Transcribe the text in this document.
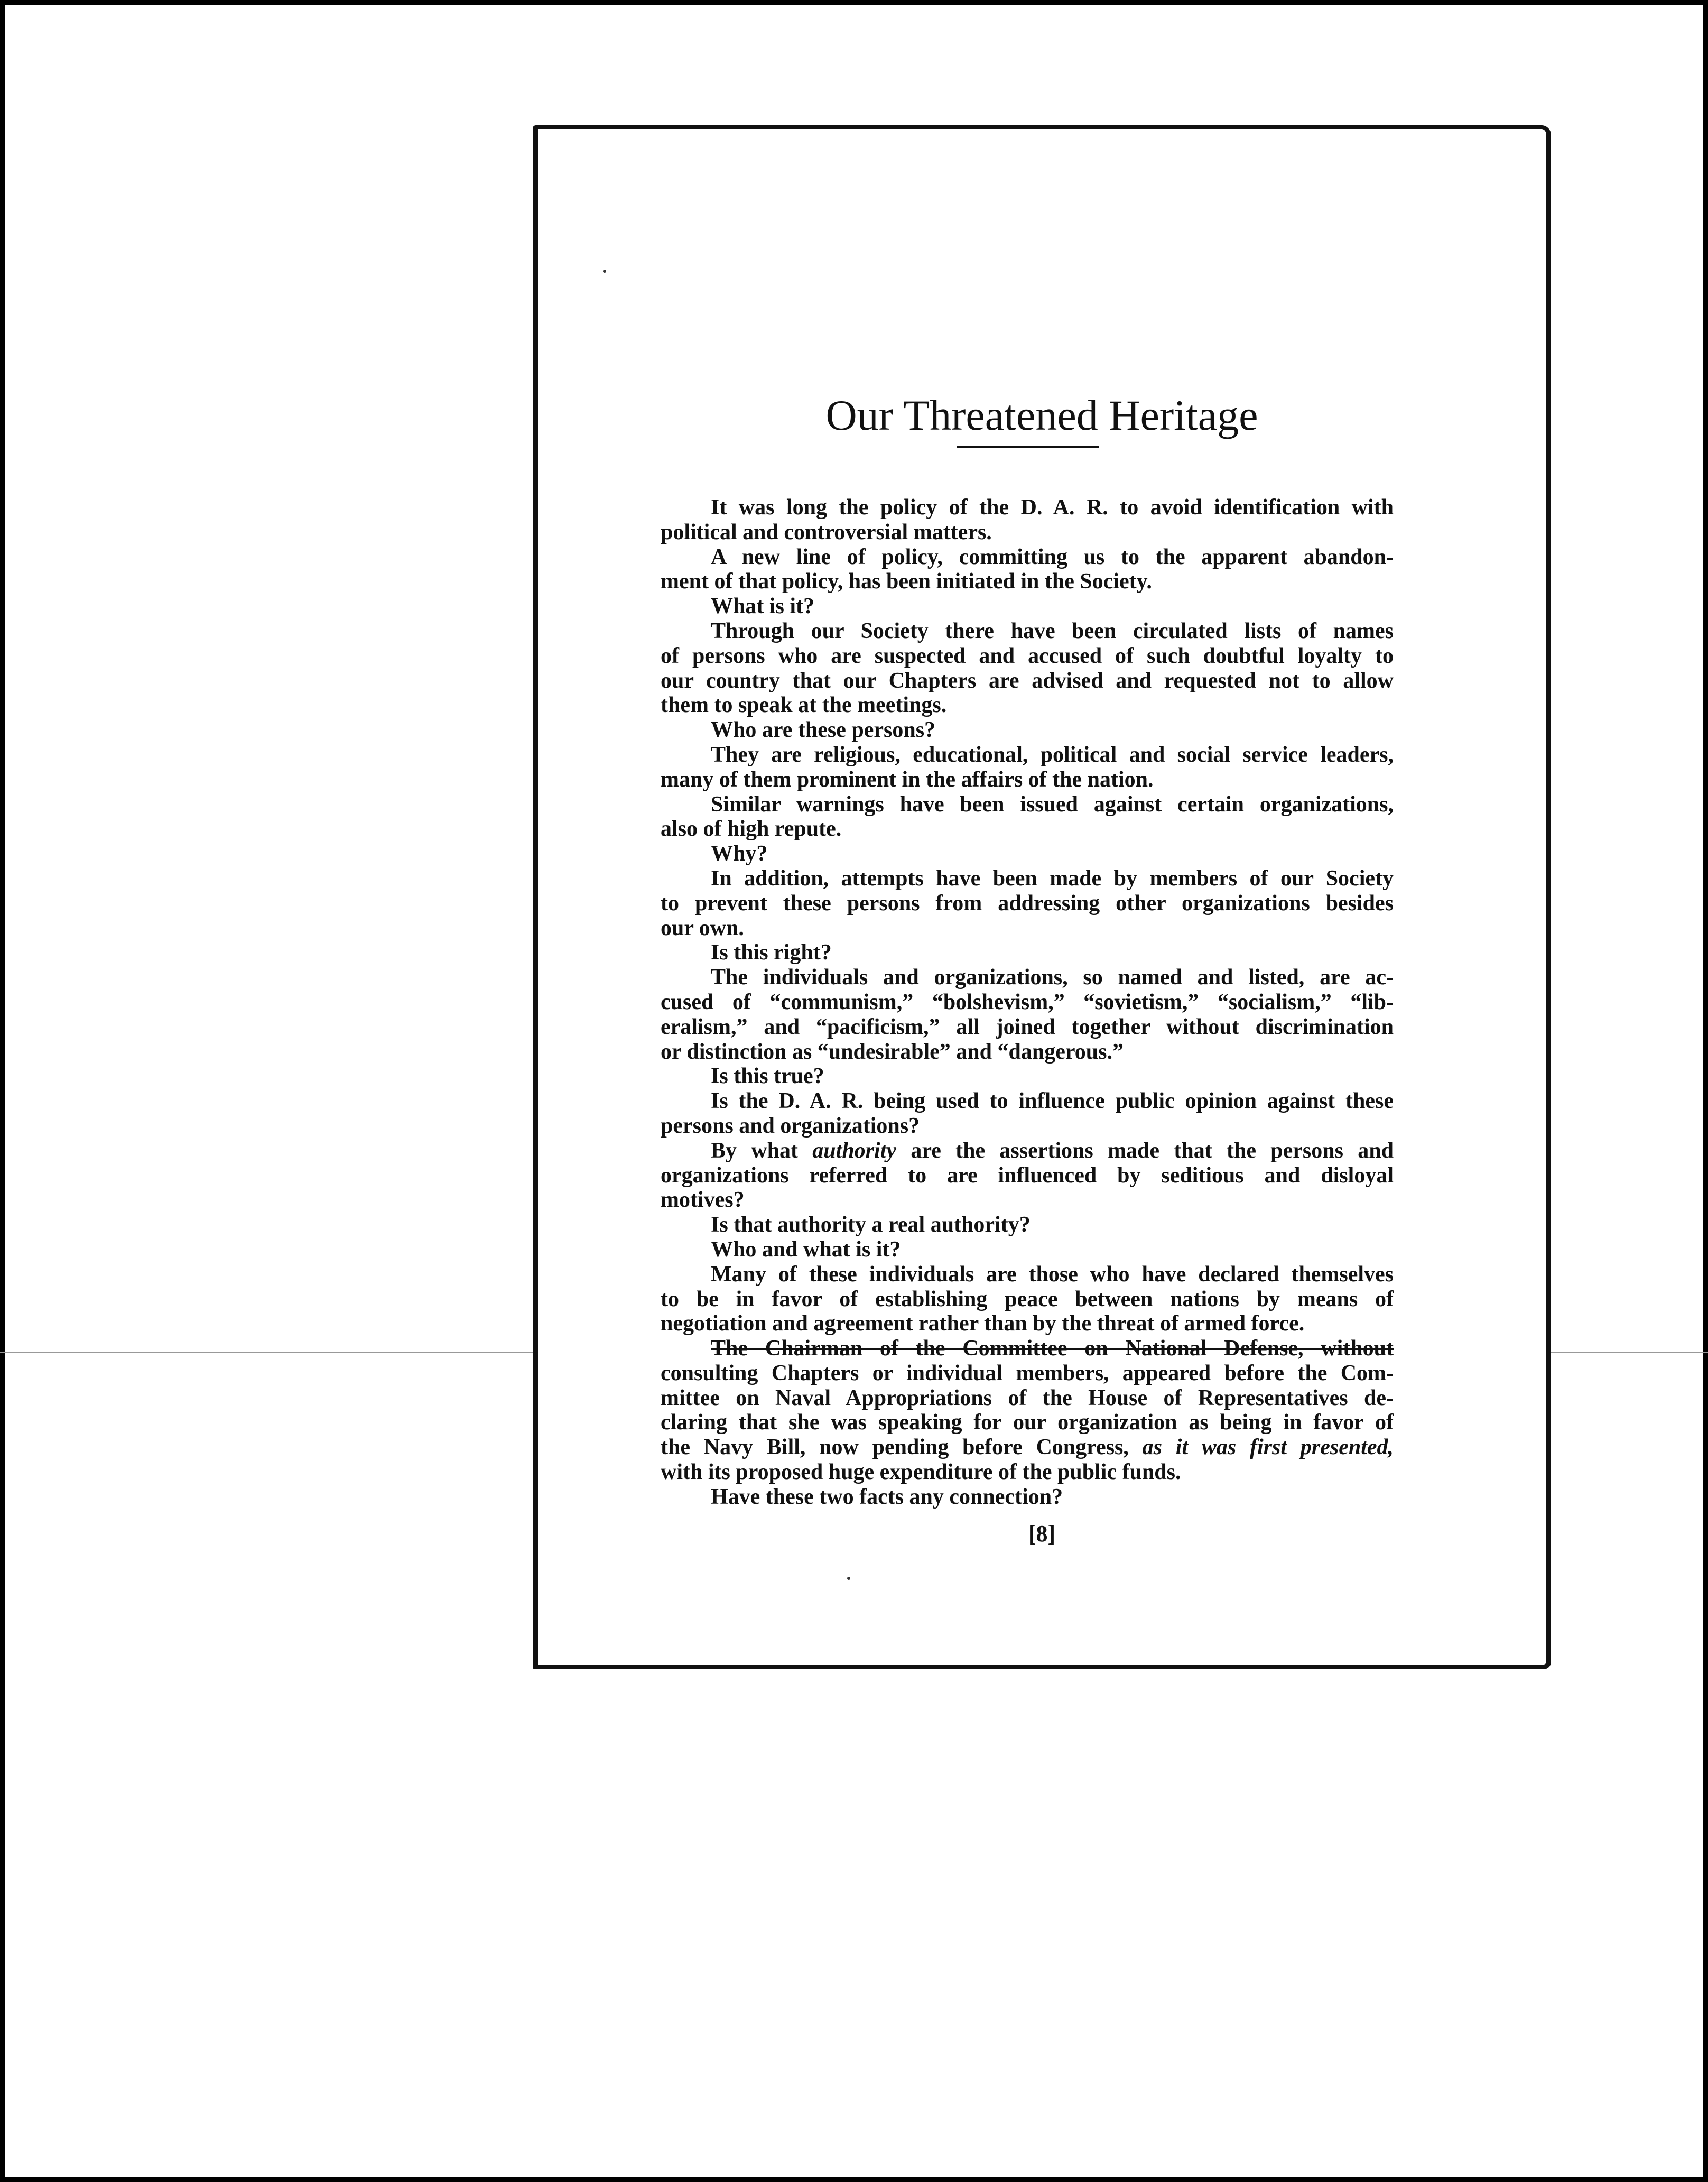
Our Threatened Heritage
It was long the policy of the D. A. R. to avoid identification with
political and controversial matters.
A new line of policy, committing us to the apparent abandon-
ment of that policy, has been initiated in the Society.
What is it?
Through our Society there have been circulated lists of names
of persons who are suspected and accused of such doubtful loyalty to
our country that our Chapters are advised and requested not to allow
them to speak at the meetings.
Who are these persons?
They are religious, educational, political and social service leaders,
many of them prominent in the affairs of the nation.
Similar warnings have been issued against certain organizations,
also of high repute.
Why?
In addition, attempts have been made by members of our Society
to prevent these persons from addressing other organizations besides
our own.
Is this right?
The individuals and organizations, so named and listed, are ac-
cused of “communism,” “bolshevism,” “sovietism,” “socialism,” “lib-
eralism,” and “pacificism,” all joined together without discrimination
or distinction as “undesirable” and “dangerous.”
Is this true?
Is the D. A. R. being used to influence public opinion against these
persons and organizations?
By what authority are the assertions made that the persons and
organizations referred to are influenced by seditious and disloyal
motives?
Is that authority a real authority?
Who and what is it?
Many of these individuals are those who have declared themselves
to be in favor of establishing peace between nations by means of
negotiation and agreement rather than by the threat of armed force.
The Chairman of the Committee on National Defense, without
consulting Chapters or individual members, appeared before the Com-
mittee on Naval Appropriations of the House of Representatives de-
claring that she was speaking for our organization as being in favor of
the Navy Bill, now pending before Congress, as it was first presented,
with its proposed huge expenditure of the public funds.
Have these two facts any connection?
[8]
